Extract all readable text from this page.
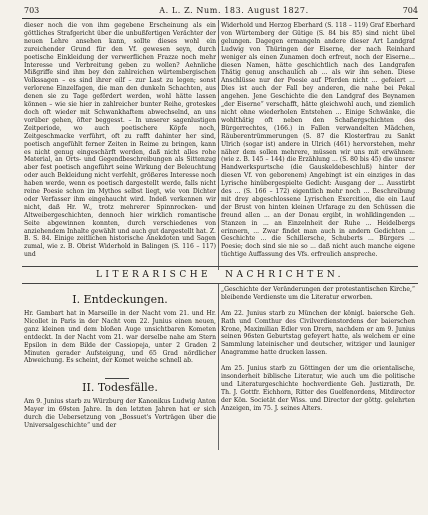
703	A. L. Z. Num. 183. August 1827.	704

dieser noch die von ihm gegebene Erscheinung als ein göttliches Strafgericht über die unbußfertigen Verächter der neuen Lehre ansehen kann, sollte dieses wohl ein zureichender Grund für den Vf. gewesen seyn, durch poetische Einkleidung der verwerflichen Frazze noch mehr Interesse und Verbreitung geben zu wollen? Aehnliche Mißgriffe sind ihm bey den zahlreichen würtembergischen Volkssagen – es sind ihrer eilf – zur Last zu legen; sonst verlorene Einzelfagen, die man den dunkeln Schachten, aus denen sie zu Tage gefördert werden, wohl hätte lassen können – wie sie hier in zahlreicher bunter Reihe, groteskes doch oft wieder mit Schwankhaftem abwechselnd, an uns vorüber gehen, öfter beggesst. – In unserer sagenlustigen Zeitperiode, wo auch poetischere Köpfe noch, Zeitgeschmacke verführt, oft zu rafft dahinter her sind, poetisch angefühlt ferner Zeiten in Reime zu bringen, kann es nicht genug eingeschärft werden, daß nicht alles rohe Material, an Orts- und Gegendbeschreibungen als Sittenzug aber fest poetisch angeführt seine Wirkung der Beleuchtung oder auch Bekleidung nicht verfehlt, größeres Interesse noch haben werde, wenn es poetisch dargestellt werde, falls nicht reine Poesie schon im Mythos selbst liegt, wie von Dichter oder Verfasser ihm eingehaucht wird. Indeß verkennen wir nicht, daß Hr. W., trotz mehrerer Spinnrocken- und Altweibergeschichten, dennoch hier wirklich romantische Seite abgewinnen konnten, durch verschiedenes von anziehendem Inhalte gewählt und auch gut dargestellt hat. Z. B. S. 84. Einige zeitlichen historische Anekdoten und Sagen zumal, wie z. B. Obrist Widerhold in Balingen (S. 116 – 117) und

Widerhold und Herzog Eberhard (S. 118 – 119) Graf Eberhard von Würtemberg der Gütige (S. 84 bis 85) sind nicht übel gelungen. Dagegen ermangeln andere dieser Art Landgraf Ludwig von Thüringen der Eiserne, der nach Reinhard weniger als einen Zunamen doch erfreut, noch der Eiserne... diesen Namen, hätte geschichtlich nach des Landgrafen Thätig genug anschaulich ab ... als wir ihn sehen. Diese Anschlüsse nur der Poesie auf Pferden nicht ... gefeiert ... Dies ist auch der Fall bey anderen, die nahe bei Pekal angehen. Jene Geschichte die den Landgraf des Beynamen „der Eiserne“ verschafft, hätte gleichwohl auch, und ziemlich nicht ohne wiederholen Entstehen ... Einige Schwänke, die wohlthätig oft neben den Schaßergschichten des Bürgerrechtes, (166.) in Fallen verwandelten Mädchen, Räuberentrümmerungen (S. 87 die Klosterfrau zu Sankt Ulrich (sogar ist) andere in Ulrich (461) hervorstehen, mehr näher dem sollen mehrere, müssen wir uns mit erwähnen: (wie z. B. 145 – 144) die Erzählung ... (S. 80 bis 45) die unsrer Handwerkspurtsche (die Gauskeldebeschluß) hinter der diesen Vf. von geborenem) Angebingt ist ein einziges in das Lyrische hinübergespielte Gedicht: Ausgang der ... Ausstirbt des ... (S. 166 – 172) eigentlich mehr noch ... Beschreibung mit drey abgeschlossene Lyrischen Exercition, die ein Lauf der Brust von hinten kleinen Urfarage zu den Schüssen die freund allen ... an der Donau ergibt, in wohlklingenden ... Stanzen in ... an Einzelnheit der Ruhe ... Heidelbergs erinnern, ... Zwar findet man auch in andern Gedichten ... Geschichte ... die Schillersche, Schuberts ... Bürgers ... Poesie; doch sind sie nie so ... daß nicht auch manche eigene tüchtige Auffassung des Vfs. erfreulich anspreche.

LITERARISCHE NACHRICHTEN.
I. Entdeckungen.

Hr. Gambart hat in Marseille in der Nacht vom 21. und Hr. Nicollet in Paris in der Nacht vom 22. Junius einen neuen, ganz kleinen und dem bloßen Auge unsichtbaren Kometen entdeckt. In der Nacht vom 21. war derselbe nahe am Stern Epsilon in dem Bilde der Cassiopeja, unter 2 Graden 2 Minuten gerader Aufsteigung, und 65 Grad nördlicher Abweichung. Es scheint, der Komet weiche schnell ab.

II. Todesfälle.

Am 9. Junius starb zu Würzburg der Kanonikus Ludwig Anton Mayer im 69sten Jahre. In den letzten Jahren hat er sich durch die Uebersetzung von „Bossuet's Vorträgen über die Universalgeschichte“ und der

„Geschichte der Veränderungen der protestantischen Kirche,“ bleibende Verdienste um die Literatur erworben.

Am 22. Junius starb zu München der königl. baiersche Geh. Rath und Comthur des Civilverdienstordens der baierschen Krone, Maximilian Edler von Drern, nachdem er am 9. Junius seinen 96sten Geburtstag gefeyert hatte, als welchem er eine Sammlung lateinischer und deutscher, witziger und launiger Anagramme hatte drucken lassen.

Am 25. Junius starb zu Göttingen der um die orientalische, insonderheit biblische Literatur, wie auch um die politische und Literaturgeschichte hochverdiente Geh. Justizrath, Dr. Th. J. Gottfr. Eichhorn, Ritter des Guelfenordens, Mitdirector der Kön. Societät der Wiss. und Director der göttg. gelehrten Anzeigen, im 75. J. seines Alters.
